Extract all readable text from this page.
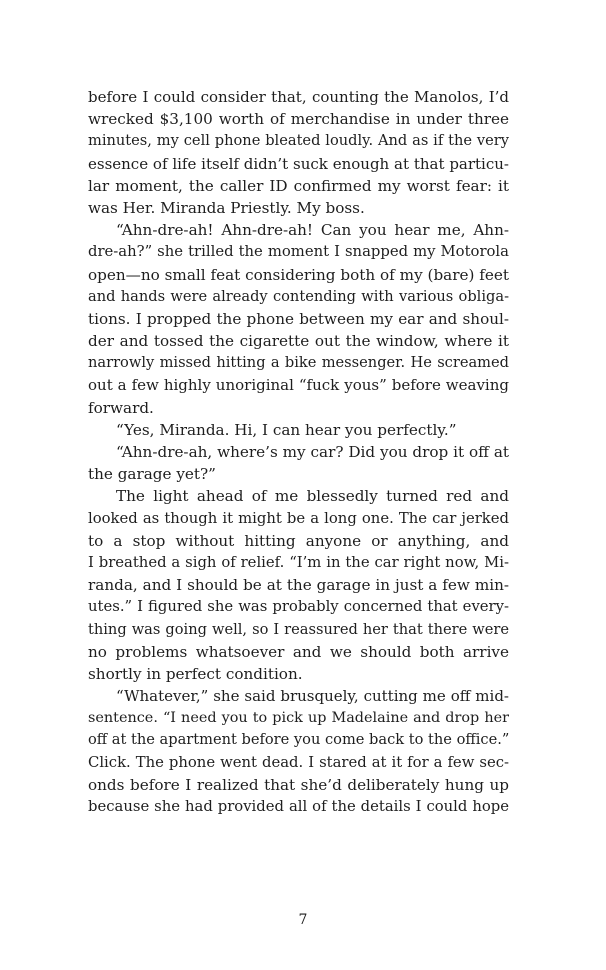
before I could consider that, counting the Manolos, I’d
wrecked $3,100 worth of merchandise in under three
minutes, my cell phone bleated loudly. And as if the very
essence of life itself didn’t suck enough at that particu-
lar moment, the caller ID confirmed my worst fear: it
was Her. Miranda Priestly. My boss.
“Ahn-dre-ah! Ahn-dre-ah! Can you hear me, Ahn-
dre-ah?” she trilled the moment I snapped my Motorola
open—no small feat considering both of my (bare) feet
and hands were already contending with various obliga-
tions. I propped the phone between my ear and shoul-
der and tossed the cigarette out the window, where it
narrowly missed hitting a bike messenger. He screamed
out a few highly unoriginal “fuck yous” before weaving
forward.
“Yes, Miranda. Hi, I can hear you perfectly.”
“Ahn-dre-ah, where’s my car? Did you drop it off at
the garage yet?”
The light ahead of me blessedly turned red and
looked as though it might be a long one. The car jerked
to a stop without hitting anyone or anything, and
I breathed a sigh of relief. “I’m in the car right now, Mi-
randa, and I should be at the garage in just a few min-
utes.” I figured she was probably concerned that every-
thing was going well, so I reassured her that there were
no problems whatsoever and we should both arrive
shortly in perfect condition.
“Whatever,” she said brusquely, cutting me off mid-
sentence. “I need you to pick up Madelaine and drop her
off at the apartment before you come back to the office.”
Click. The phone went dead. I stared at it for a few sec-
onds before I realized that she’d deliberately hung up
because she had provided all of the details I could hope
7
